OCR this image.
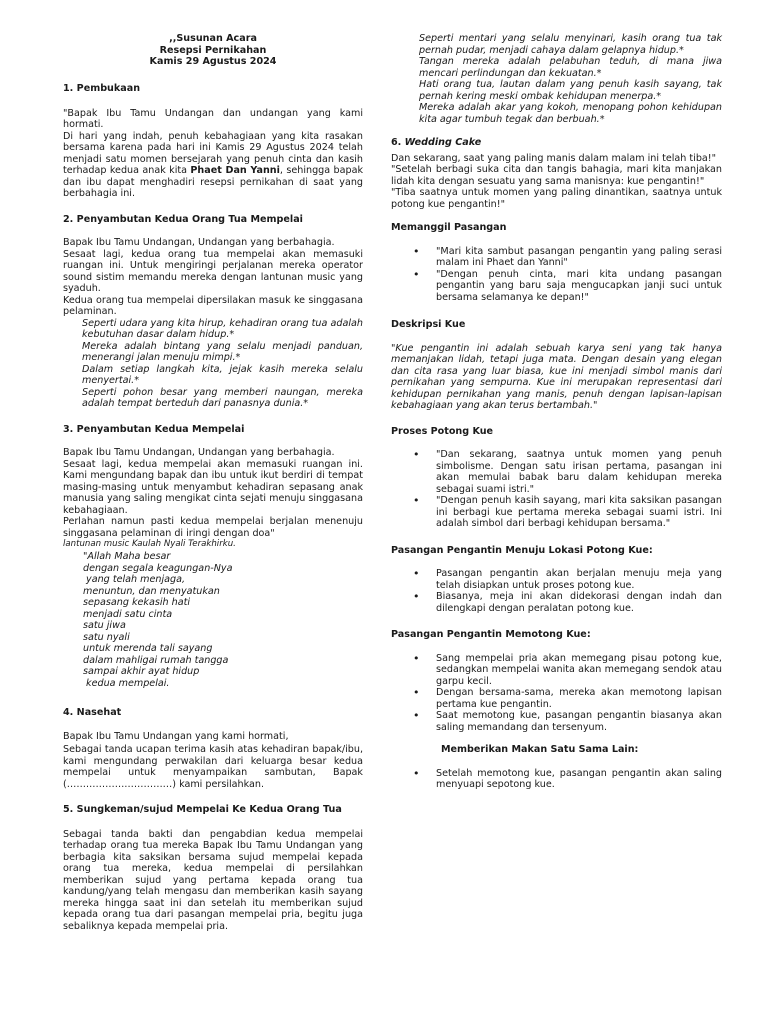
,,Susunan Acara
Resepsi Pernikahan
Kamis 29 Agustus 2024
1. Pembukaan

"Bapak Ibu Tamu Undangan dan undangan yang kami hormati.

Di hari yang indah, penuh kebahagiaan yang kita rasakan bersama karena pada hari ini Kamis 29 Agustus 2024 telah menjadi satu momen bersejarah yang penuh cinta dan kasih terhadap kedua anak kita Phaet Dan Yanni, sehingga bapak dan ibu dapat menghadiri resepsi pernikahan di saat yang berbahagia ini.

2. Penyambutan Kedua Orang Tua Mempelai

Bapak Ibu Tamu Undangan, Undangan yang berbahagia.

Sesaat lagi, kedua orang tua mempelai akan memasuki ruangan ini. Untuk mengiringi perjalanan mereka operator sound sistim memandu mereka dengan lantunan music yang syaduh.

Kedua orang tua mempelai dipersilakan masuk ke singgasana pelaminan.

Seperti udara yang kita hirup, kehadiran orang tua adalah kebutuhan dasar dalam hidup.*

Mereka adalah bintang yang selalu menjadi panduan, menerangi jalan menuju mimpi.*

Dalam setiap langkah kita, jejak kasih mereka selalu menyertai.*

Seperti pohon besar yang memberi naungan, mereka adalah tempat berteduh dari panasnya dunia.*

3. Penyambutan Kedua Mempelai

Bapak Ibu Tamu Undangan, Undangan yang berbahagia.

Sesaat lagi, kedua mempelai akan memasuki ruangan ini. Kami mengundang bapak dan ibu untuk ikut berdiri di tempat masing-masing untuk menyambut kehadiran sepasang anak manusia yang saling mengikat cinta sejati menuju singgasana kebahagiaan.

Perlahan namun pasti kedua mempelai berjalan menenuju singgasana pelaminan di iringi dengan doa"

lantunan music Kaulah Nyali Terakhirku.

"Allah Maha besar

dengan segala keagungan-Nya

yang telah menjaga,

menuntun, dan menyatukan

sepasang kekasih hati

menjadi satu cinta

satu jiwa

satu nyali

untuk merenda tali sayang

dalam mahligai rumah tangga

sampai akhir ayat hidup

kedua mempelai.

4. Nasehat

Bapak Ibu Tamu Undangan yang kami hormati,

Sebagai tanda ucapan terima kasih atas kehadiran bapak/ibu, kami mengundang perwakilan dari keluarga besar kedua mempelai untuk menyampaikan sambutan, Bapak (……………………………) kami persilahkan.

5. Sungkeman/sujud Mempelai Ke Kedua Orang Tua

Sebagai tanda bakti dan pengabdian kedua mempelai terhadap orang tua mereka Bapak Ibu Tamu Undangan yang berbagia kita saksikan bersama sujud mempelai kepada orang tua mereka, kedua mempelai di persilahkan memberikan sujud yang pertama kepada orang tua kandung/yang telah mengasu dan memberikan kasih sayang mereka hingga saat ini dan setelah itu memberikan sujud kepada orang tua dari pasangan mempelai pria, begitu juga sebaliknya kepada mempelai pria.

Seperti mentari yang selalu menyinari, kasih orang tua tak pernah pudar, menjadi cahaya dalam gelapnya hidup.*

Tangan mereka adalah pelabuhan teduh, di mana jiwa mencari perlindungan dan kekuatan.*

Hati orang tua, lautan dalam yang penuh kasih sayang, tak pernah kering meski ombak kehidupan menerpa.*

Mereka adalah akar yang kokoh, menopang pohon kehidupan kita agar tumbuh tegak dan berbuah.*

6. Wedding Cake

Dan sekarang, saat yang paling manis dalam malam ini telah tiba!"

"Setelah berbagi suka cita dan tangis bahagia, mari kita manjakan lidah kita dengan sesuatu yang sama manisnya: kue pengantin!"

"Tiba saatnya untuk momen yang paling dinantikan, saatnya untuk potong kue pengantin!"

Memanggil Pasangan
• "Mari kita sambut pasangan pengantin yang paling serasi malam ini Phaet dan Yanni"
• "Dengan penuh cinta, mari kita undang pasangan pengantin yang baru saja mengucapkan janji suci untuk bersama selamanya ke depan!"
Deskripsi Kue

"Kue pengantin ini adalah sebuah karya seni yang tak hanya memanjakan lidah, tetapi juga mata. Dengan desain yang elegan dan cita rasa yang luar biasa, kue ini menjadi simbol manis dari pernikahan yang sempurna. Kue ini merupakan representasi dari kehidupan pernikahan yang manis, penuh dengan lapisan-lapisan kebahagiaan yang akan terus bertambah."

Proses Potong Kue
• "Dan sekarang, saatnya untuk momen yang penuh simbolisme. Dengan satu irisan pertama, pasangan ini akan memulai babak baru dalam kehidupan mereka sebagai suami istri."
• "Dengan penuh kasih sayang, mari kita saksikan pasangan ini berbagi kue pertama mereka sebagai suami istri. Ini adalah simbol dari berbagi kehidupan bersama."
Pasangan Pengantin Menuju Lokasi Potong Kue:
• Pasangan pengantin akan berjalan menuju meja yang telah disiapkan untuk proses potong kue.
• Biasanya, meja ini akan didekorasi dengan indah dan dilengkapi dengan peralatan potong kue.
Pasangan Pengantin Memotong Kue:
• Sang mempelai pria akan memegang pisau potong kue, sedangkan mempelai wanita akan memegang sendok atau garpu kecil.
• Dengan bersama-sama, mereka akan memotong lapisan pertama kue pengantin.
• Saat memotong kue, pasangan pengantin biasanya akan saling memandang dan tersenyum.
Memberikan Makan Satu Sama Lain:
• Setelah memotong kue, pasangan pengantin akan saling menyuapi sepotong kue.
